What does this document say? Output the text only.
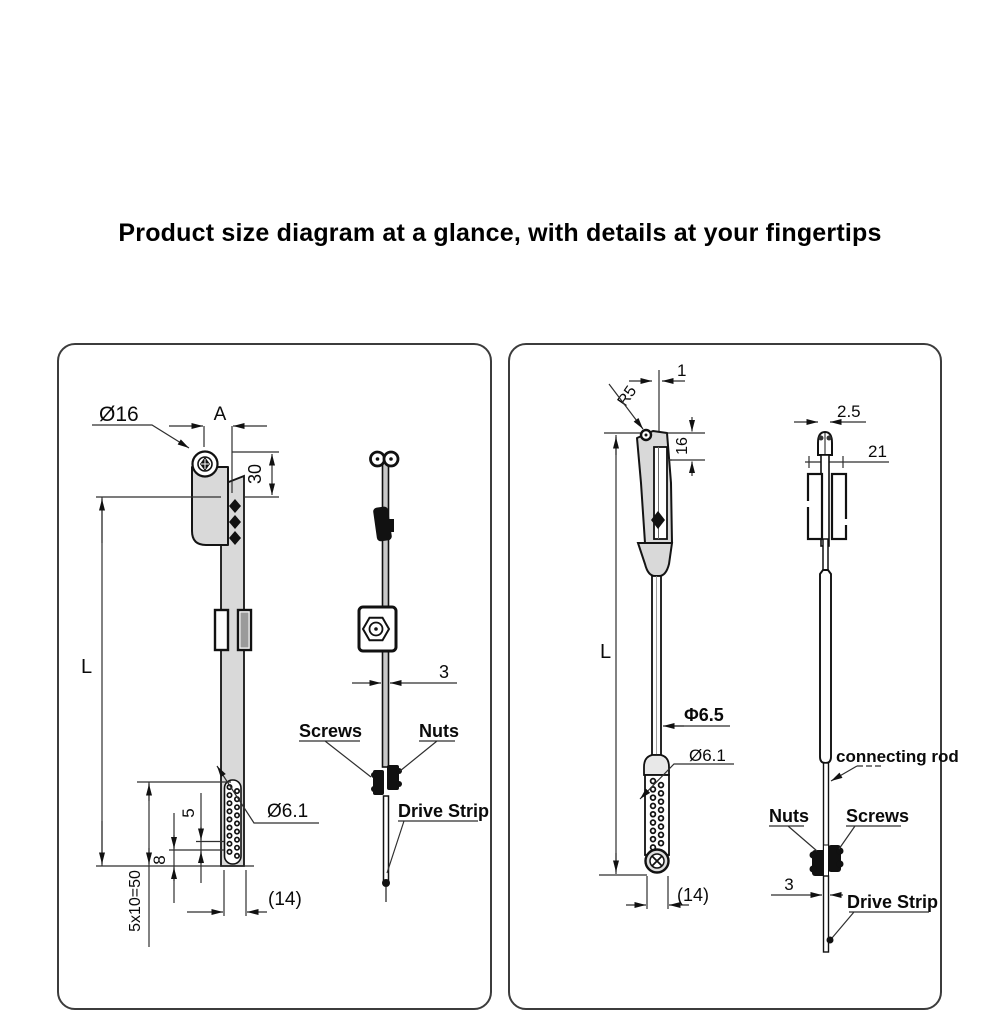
Product size diagram at a glance, with details at your fingertips
Ø16	A
30
L
5x10=50
8
5	Ø6.1
(14)
3
Screws	Nuts
Drive Strip
1
R5
16
L
(14)
Φ6.5
Ø6.1
2.5
21
connecting rod
Nuts Screws
3
Drive Strip
